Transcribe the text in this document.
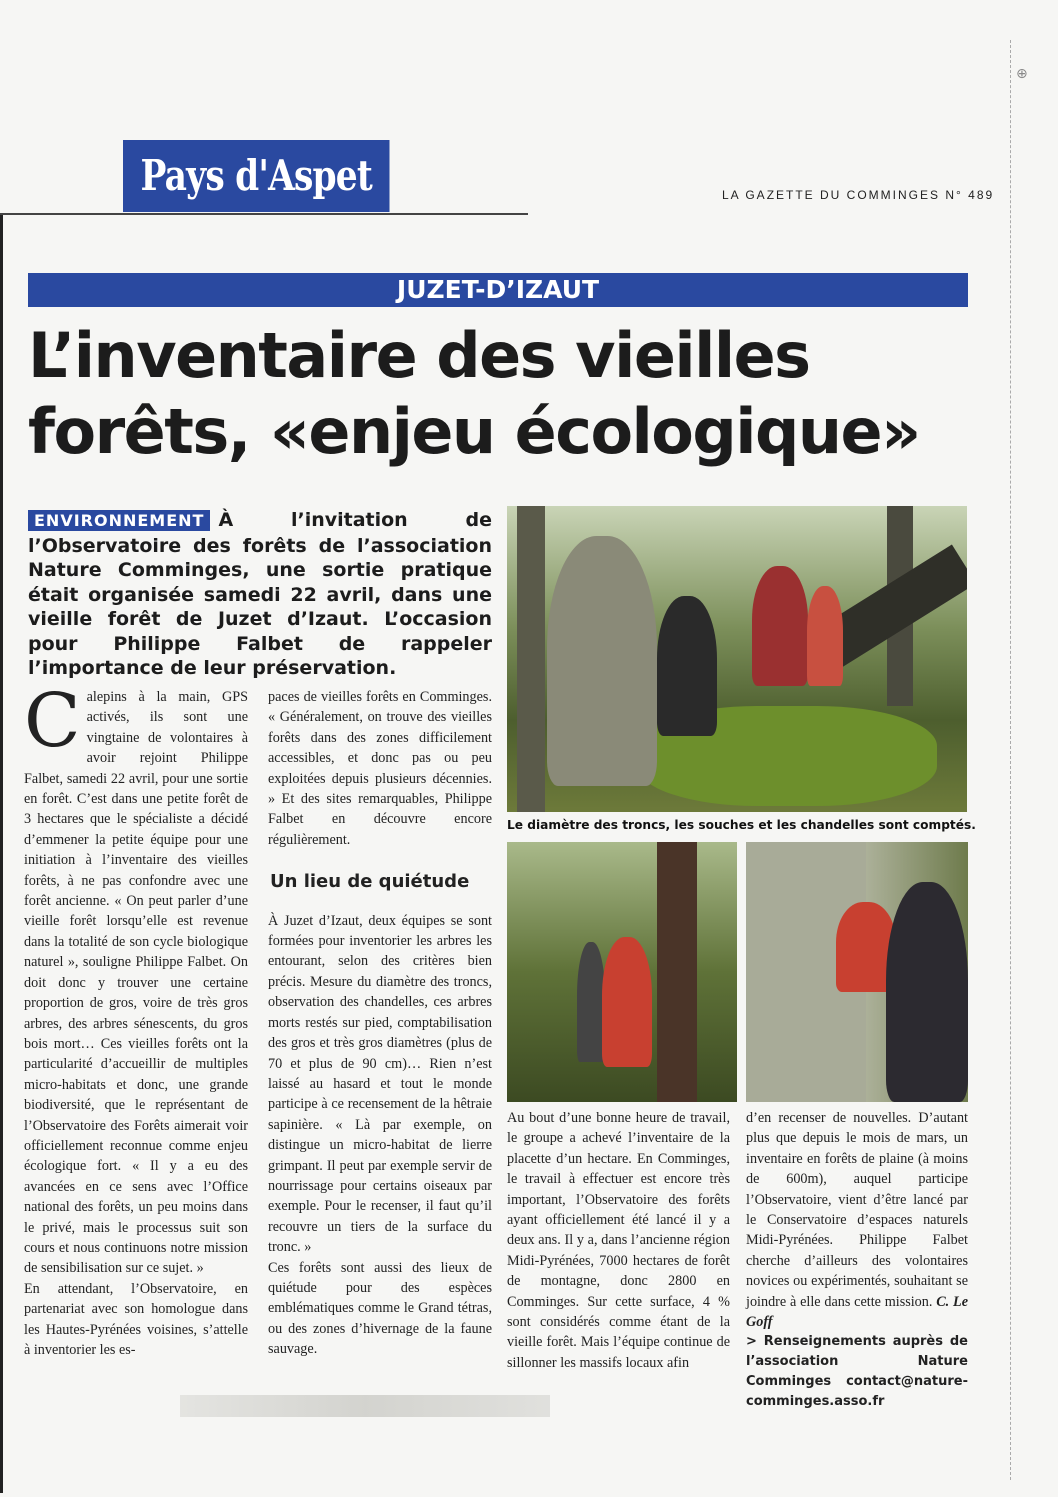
⊕
Pays d'Aspet	LA GAZETTE DU COMMINGES N° 489
JUZET-D’IZAUT
L’inventaire des vieilles
forêts, «enjeu écologique»
ENVIRONNEMENT À l’invitation de l’Observatoire des forêts de l’association Nature Comminges, une sortie pratique était organisée samedi 22 avril, dans une vieille forêt de Juzet d’Izaut. L’occasion pour Philippe Falbet de rappeler l’importance de leur préservation.
C alepins à la main, GPS activés, ils sont une vingtaine de volontaires à avoir rejoint Philippe Falbet, samedi 22 avril, pour une sortie en forêt. C’est dans une petite forêt de 3 hectares que le spécialiste a décidé d’emmener la petite équipe pour une initiation à l’inventaire des vieilles forêts, à ne pas confondre avec une forêt ancienne. « On peut parler d’une vieille forêt lorsqu’elle est revenue dans la totalité de son cycle biologique naturel », souligne Philippe Falbet. On doit donc y trouver une certaine proportion de gros, voire de très gros arbres, des arbres sénescents, du gros bois mort… Ces vieilles forêts ont la particularité d’accueillir de multiples micro-habitats et donc, une grande biodiversité, que le représentant de l’Observatoire des Forêts aimerait voir officiellement reconnue comme enjeu écologique fort. « Il y a eu des avancées en ce sens avec l’Office national des forêts, un peu moins dans le privé, mais le processus suit son cours et nous continuons notre mission de sensibilisation sur ce sujet. »

En attendant, l’Observatoire, en partenariat avec son homologue dans les Hautes-Pyrénées voisines, s’attelle à inventorier les es-

paces de vieilles forêts en Comminges. « Généralement, on trouve des vieilles forêts dans des zones difficilement accessibles, et donc pas ou peu exploitées depuis plusieurs décennies. » Et des sites remarquables, Philippe Falbet en découvre encore régulièrement.

Un lieu de quiétude

À Juzet d’Izaut, deux équipes se sont formées pour inventorier les arbres les entourant, selon des critères bien précis. Mesure du diamètre des troncs, observation des chandelles, ces arbres morts restés sur pied, comptabilisation des gros et très gros diamètres (plus de 70 et plus de 90 cm)… Rien n’est laissé au hasard et tout le monde participe à ce recensement de la hêtraie sapinière. « Là par exemple, on distingue un micro-habitat de lierre grimpant. Il peut par exemple servir de nourrissage pour certains oiseaux par exemple. Pour le recenser, il faut qu’il recouvre un tiers de la surface du tronc. »

Ces forêts sont aussi des lieux de quiétude pour des espèces emblématiques comme le Grand tétras, ou des zones d’hivernage de la faune sauvage.

Le diamètre des troncs, les souches et les chandelles sont comptés.

Au bout d’une bonne heure de travail, le groupe a achevé l’inventaire de la placette d’un hectare. En Comminges, le travail à effectuer est encore très important, l’Observatoire des forêts ayant officiellement été lancé il y a deux ans. Il y a, dans l’ancienne région Midi-Pyrénées, 7000 hectares de forêt de montagne, donc 2800 en Comminges. Sur cette surface, 4 % sont considérés comme étant de la vieille forêt. Mais l’équipe continue de sillonner les massifs locaux afin

d’en recenser de nouvelles. D’autant plus que depuis le mois de mars, un inventaire en forêts de plaine (à moins de 600m), auquel participe l’Observatoire, vient d’être lancé par le Conservatoire d’espaces naturels Midi-Pyrénées. Philippe Falbet cherche d’ailleurs des volontaires novices ou expérimentés, souhaitant se joindre à elle dans cette mission. C. Le Goff

> Renseignements auprès de l’association Nature Comminges contact@nature-comminges.asso.fr
